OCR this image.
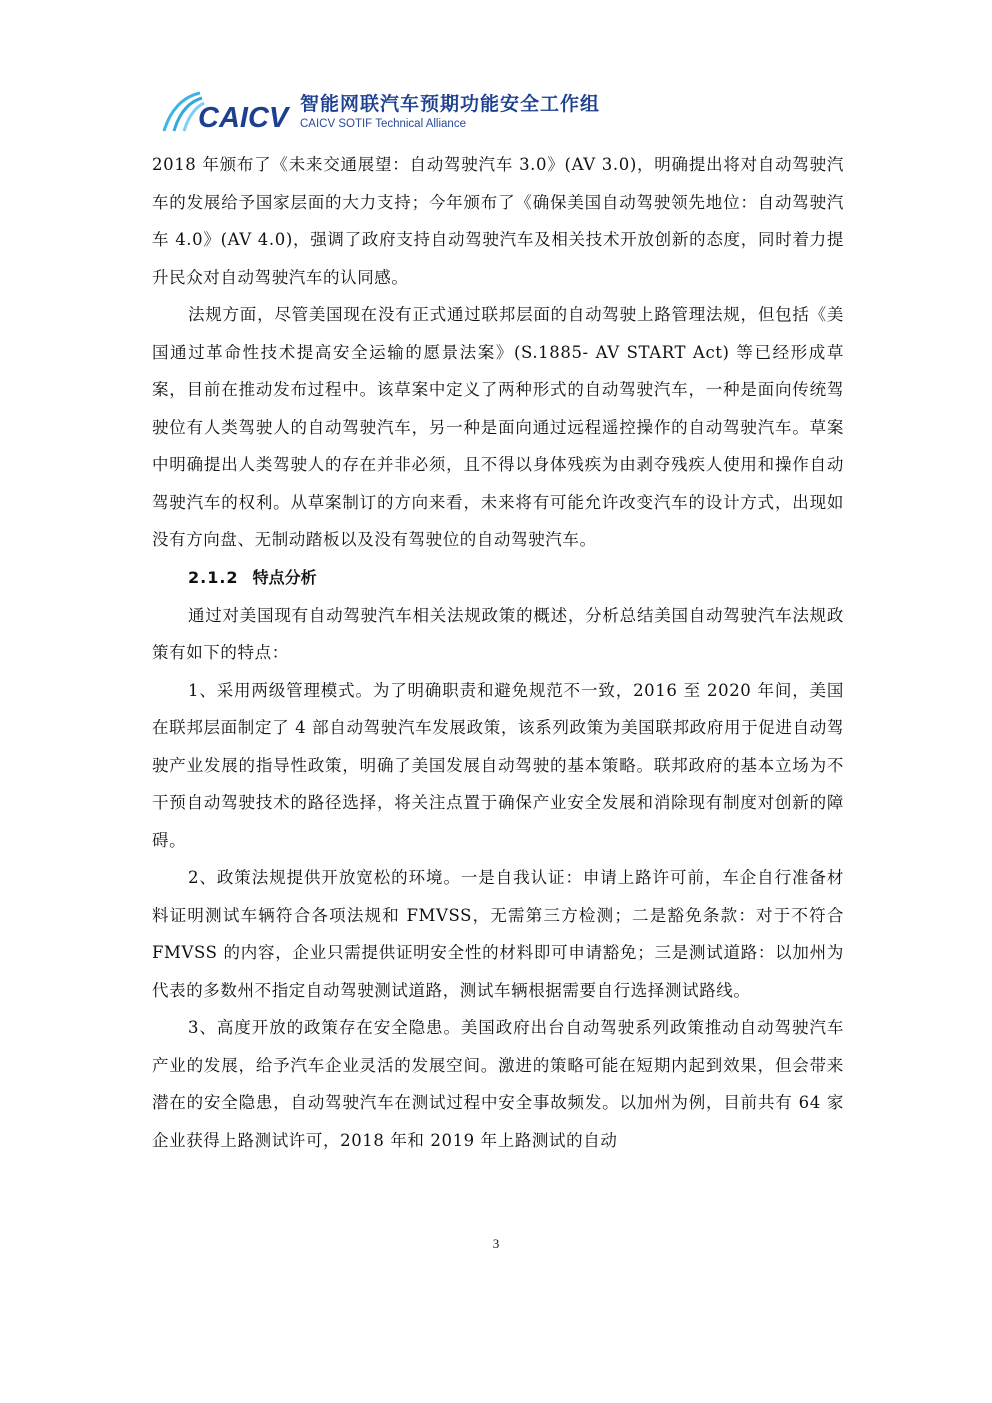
CAICV 智能网联汽车预期功能安全工作组
CAICV SOTIF Technical Alliance

2018 年颁布了《未来交通展望：自动驾驶汽车 3.0》(AV 3.0)，明确提出将对自动驾驶汽车的发展给予国家层面的大力支持；今年颁布了《确保美国自动驾驶领先地位：自动驾驶汽车 4.0》(AV 4.0)，强调了政府支持自动驾驶汽车及相关技术开放创新的态度，同时着力提升民众对自动驾驶汽车的认同感。

法规方面，尽管美国现在没有正式通过联邦层面的自动驾驶上路管理法规，但包括《美国通过革命性技术提高安全运输的愿景法案》(S.1885- AV START Act) 等已经形成草案，目前在推动发布过程中。该草案中定义了两种形式的自动驾驶汽车，一种是面向传统驾驶位有人类驾驶人的自动驾驶汽车，另一种是面向通过远程遥控操作的自动驾驶汽车。草案中明确提出人类驾驶人的存在并非必须，且不得以身体残疾为由剥夺残疾人使用和操作自动驾驶汽车的权利。从草案制订的方向来看，未来将有可能允许改变汽车的设计方式，出现如没有方向盘、无制动踏板以及没有驾驶位的自动驾驶汽车。

2.1.2 特点分析

通过对美国现有自动驾驶汽车相关法规政策的概述，分析总结美国自动驾驶汽车法规政策有如下的特点：

1、采用两级管理模式。为了明确职责和避免规范不一致，2016 至 2020 年间，美国在联邦层面制定了 4 部自动驾驶汽车发展政策，该系列政策为美国联邦政府用于促进自动驾驶产业发展的指导性政策，明确了美国发展自动驾驶的基本策略。联邦政府的基本立场为不干预自动驾驶技术的路径选择，将关注点置于确保产业安全发展和消除现有制度对创新的障碍。

2、政策法规提供开放宽松的环境。一是自我认证：申请上路许可前，车企自行准备材料证明测试车辆符合各项法规和 FMVSS，无需第三方检测；二是豁免条款：对于不符合 FMVSS 的内容，企业只需提供证明安全性的材料即可申请豁免；三是测试道路：以加州为代表的多数州不指定自动驾驶测试道路，测试车辆根据需要自行选择测试路线。

3、高度开放的政策存在安全隐患。美国政府出台自动驾驶系列政策推动自动驾驶汽车产业的发展，给予汽车企业灵活的发展空间。激进的策略可能在短期内起到效果，但会带来潜在的安全隐患，自动驾驶汽车在测试过程中安全事故频发。以加州为例，目前共有 64 家企业获得上路测试许可，2018 年和 2019 年上路测试的自动

3
